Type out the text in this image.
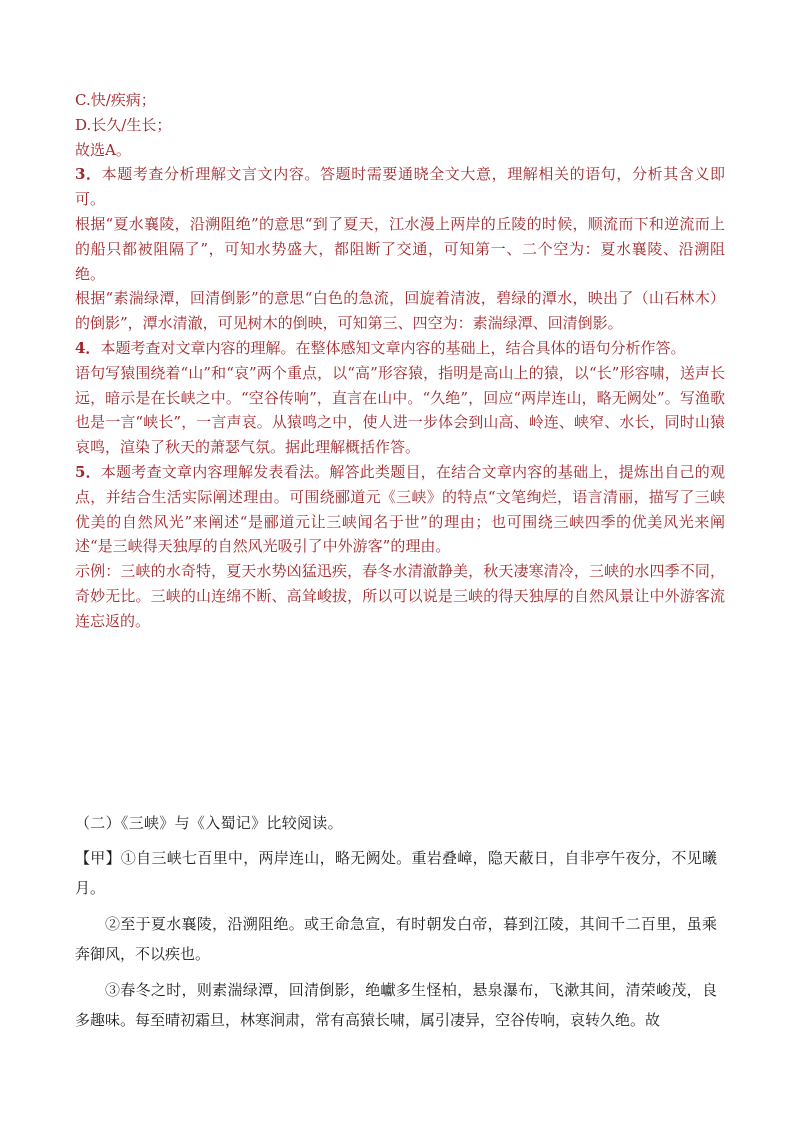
C.快/疾病；

D.长久/生长；

故选A。

3．本题考查分析理解文言文内容。答题时需要通晓全文大意，理解相关的语句，分析其含义即可。

根据“夏水襄陵，沿溯阻绝”的意思“到了夏天，江水漫上两岸的丘陵的时候，顺流而下和逆流而上的船只都被阻隔了”，可知水势盛大，都阻断了交通，可知第一、二个空为：夏水襄陵、沿溯阻绝。

根据“素湍绿潭，回清倒影”的意思“白色的急流，回旋着清波，碧绿的潭水，映出了（山石林木）的倒影”，潭水清澈，可见树木的倒映，可知第三、四空为：素湍绿潭、回清倒影。

4．本题考查对文章内容的理解。在整体感知文章内容的基础上，结合具体的语句分析作答。

语句写猿围绕着“山”和“哀”两个重点，以“高”形容猿，指明是高山上的猿，以“长”形容啸，送声长远，暗示是在长峡之中。“空谷传响”，直言在山中。“久绝”，回应“两岸连山，略无阙处”。写渔歌也是一言“峡长”，一言声哀。从猿鸣之中，使人进一步体会到山高、岭连、峡窄、水长，同时山猿哀鸣，渲染了秋天的萧瑟气氛。据此理解概括作答。

5．本题考查文章内容理解发表看法。解答此类题目，在结合文章内容的基础上，提炼出自己的观点，并结合生活实际阐述理由。可围绕郦道元《三峡》的特点“文笔绚烂，语言清丽，描写了三峡优美的自然风光”来阐述“是郦道元让三峡闻名于世”的理由；也可围绕三峡四季的优美风光来阐述“是三峡得天独厚的自然风光吸引了中外游客”的理由。

示例：三峡的水奇特，夏天水势凶猛迅疾，春冬水清澈静美，秋天凄寒清冷，三峡的水四季不同，奇妙无比。三峡的山连绵不断、高耸峻拔，所以可以说是三峡的得天独厚的自然风景让中外游客流连忘返的。

（二）《三峡》与《入蜀记》比较阅读。

【甲】①自三峡七百里中，两岸连山，略无阙处。重岩叠嶂，隐天蔽日，自非亭午夜分，不见曦月。

②至于夏水襄陵，沿溯阻绝。或王命急宣，有时朝发白帝，暮到江陵，其间千二百里，虽乘奔御风，不以疾也。

③春冬之时，则素湍绿潭，回清倒影，绝巘多生怪柏，悬泉瀑布，飞漱其间，清荣峻茂，良多趣味。每至晴初霜旦，林寒涧肃，常有高猿长啸，属引凄异，空谷传响，哀转久绝。故
